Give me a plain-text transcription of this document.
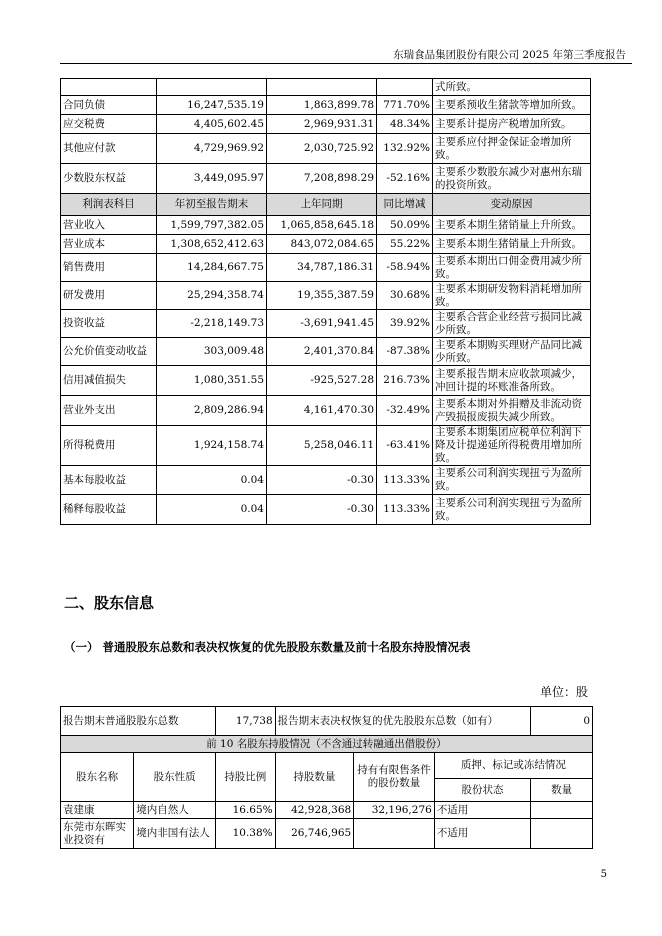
东瑞食品集团股份有限公司 2025 年第三季度报告
				式所致。
合同负债	16,247,535.19	1,863,899.78	771.70%	主要系预收生猪款等增加所致。
应交税费	4,405,602.45	2,969,931.31	48.34%	主要系计提房产税增加所致。
其他应付款	4,729,969.92	2,030,725.92	132.92%	主要系应付押金保证金增加所致。
少数股东权益	3,449,095.97	7,208,898.29	-52.16%	主要系少数股东减少对惠州东瑞的投资所致。
利润表科目	年初至报告期末	上年同期	同比增减	变动原因
营业收入	1,599,797,382.05	1,065,858,645.18	50.09%	主要系本期生猪销量上升所致。
营业成本	1,308,652,412.63	843,072,084.65	55.22%	主要系本期生猪销量上升所致。
销售费用	14,284,667.75	34,787,186.31	-58.94%	主要系本期出口佣金费用减少所致。
研发费用	25,294,358.74	19,355,387.59	30.68%	主要系本期研发物料消耗增加所致。
投资收益	-2,218,149.73	-3,691,941.45	39.92%	主要系合营企业经营亏损同比减少所致。
公允价值变动收益	303,009.48	2,401,370.84	-87.38%	主要系本期购买理财产品同比减少所致。
信用减值损失	1,080,351.55	-925,527.28	216.73%	主要系报告期末应收款项减少，冲回计提的坏账准备所致。
营业外支出	2,809,286.94	4,161,470.30	-32.49%	主要系本期对外捐赠及非流动资产毁损报废损失减少所致。
所得税费用	1,924,158.74	5,258,046.11	-63.41%	主要系本期集团应税单位利润下降及计提递延所得税费用增加所致。
基本每股收益	0.04	-0.30	113.33%	主要系公司利润实现扭亏为盈所致。
稀释每股收益	0.04	-0.30	113.33%	主要系公司利润实现扭亏为盈所致。
二、股东信息
（一） 普通股股东总数和表决权恢复的优先股股东数量及前十名股东持股情况表
单位：股
报告期末普通股股东总数		17,738	报告期末表决权恢复的优先股股东总数（如有）			0
前 10 名股东持股情况（不含通过转融通出借股份）						
股东名称	股东性质	持股比例	持股数量	持有有限售条件的股份数量	质押、标记或冻结情况	
					股份状态	数量
袁建康	境内自然人	16.65%	42,928,368	32,196,276	不适用	
东莞市东晖实业投资有	境内非国有法人	10.38%	26,746,965		不适用	
5
